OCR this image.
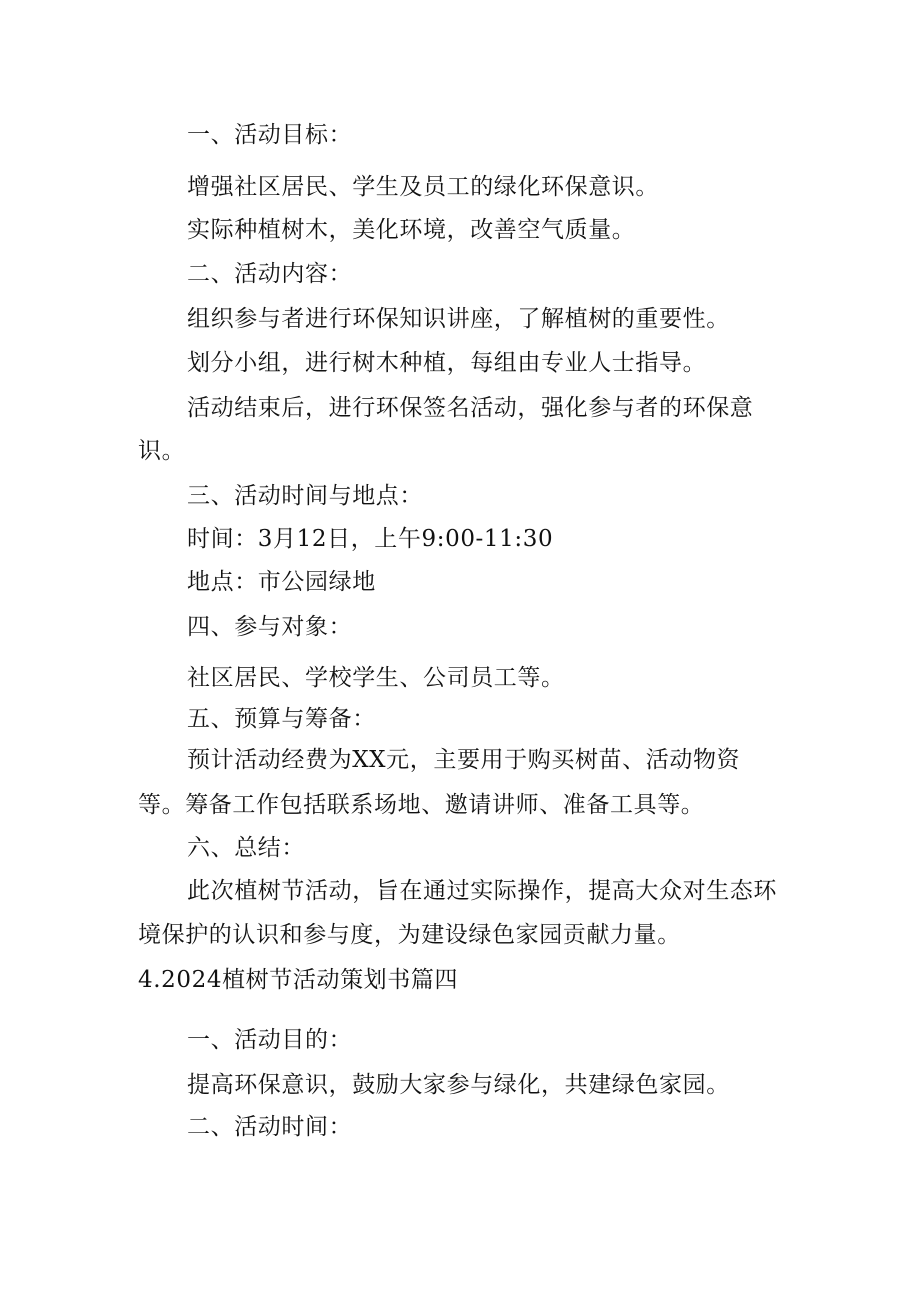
一、活动目标：

增强社区居民、学生及员工的绿化环保意识。

实际种植树木，美化环境，改善空气质量。

二、活动内容：

组织参与者进行环保知识讲座，了解植树的重要性。

划分小组，进行树木种植，每组由专业人士指导。

活动结束后，进行环保签名活动，强化参与者的环保意

识。

三、活动时间与地点：

时间：3月12日，上午9:00-11:30

地点：市公园绿地

四、参与对象：

社区居民、学校学生、公司员工等。

五、预算与筹备：

预计活动经费为XX元，主要用于购买树苗、活动物资

等。筹备工作包括联系场地、邀请讲师、准备工具等。

六、总结：

此次植树节活动，旨在通过实际操作，提高大众对生态环

境保护的认识和参与度，为建设绿色家园贡献力量。

4.2024植树节活动策划书篇四

一、活动目的：

提高环保意识，鼓励大家参与绿化，共建绿色家园。

二、活动时间：
